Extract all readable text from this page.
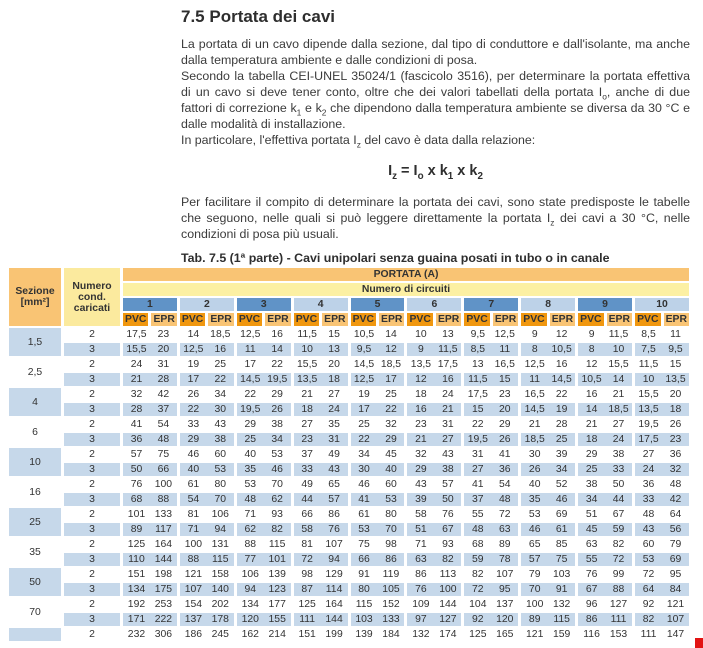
7.5 Portata dei cavi

La portata di un cavo dipende dalla sezione, dal tipo di conduttore e dall'isolante, ma anche dalla temperatura ambiente e dalle condizioni di posa.

Secondo la tabella CEI-UNEL 35024/1 (fascicolo 3516), per determinare la portata effettiva di un cavo si deve tener conto, oltre che dei valori tabellati della portata $I_o$, anche di due fattori di correzione $k_1$ e $k_2$ che dipendono dalla temperatura ambiente se diversa da 30 °C e dalle modalità di installazione.

In particolare, l'effettiva portata $I_z$ del cavo è data dalla relazione:

$I_z = I_o$ x $k_1$ x $k_2$

Per facilitare il compito di determinare la portata dei cavi, sono state predisposte le tabelle che seguono, nelle quali si può leggere direttamente la portata $I_z$ dei cavi a 30 °C, nelle condizioni di posa più usuali.

Tab. 7.5 (1ª parte) - Cavi unipolari senza guaina posati in tubo o in canale
Sezione [mm²]	Numero cond. caricati	PORTATA (A)									
		Numero di circuiti									
		1	2	3	4	5	6	7	8	9	10

		PVC EPR	PVC EPR	PVC EPR	PVC EPR	PVC EPR	PVC EPR	PVC EPR	PVC EPR	PVC EPR	PVC EPR

1,5	2	17,5 23	14 18,5	12,5 16	11,5 15	10,5 14	10 13	9,5 12,5	9 12	9 11,5	8,5 11
	3	15,5 20	12,5 16	11 14	10 13	9,5 12	9 11,5	8,5 11	8 10,5	8 10	7,5 9,5
2,5	2	24 31	19 25	17 22	15,5 20	14,5 18,5	13,5 17,5	13 16,5	12,5 16	12 15,5	11,5 15
	3	21 28	17 22	14,5 19,5	13,5 18	12,5 17	12 16	11,5 15	11 14,5	10,5 14	10 13,5
4	2	32 42	26 34	22 29	21 27	19 25	18 24	17,5 23	16,5 22	16 21	15,5 20
	3	28 37	22 30	19,5 26	18 24	17 22	16 21	15 20	14,5 19	14 18,5	13,5 18
6	2	41 54	33 43	29 38	27 35	25 32	23 31	22 29	21 28	21 27	19,5 26
	3	36 48	29 38	25 34	23 31	22 29	21 27	19,5 26	18,5 25	18 24	17,5 23
10	2	57 75	46 60	40 53	37 49	34 45	32 43	31 41	30 39	29 38	27 36
	3	50 66	40 53	35 46	33 43	30 40	29 38	27 36	26 34	25 33	24 32
16	2	76 100	61 80	53 70	49 65	46 60	43 57	41 54	40 52	38 50	36 48
	3	68 88	54 70	48 62	44 57	41 53	39 50	37 48	35 46	34 44	33 42
25	2	101 133	81 106	71 93	66 86	61 80	58 76	55 72	53 69	51 67	48 64
	3	89 117	71 94	62 82	58 76	53 70	51 67	48 63	46 61	45 59	43 56
35	2	125 164	100 131	88 115	81 107	75 98	71 93	68 89	65 85	63 82	60 79
	3	110 144	88 115	77 101	72 94	66 86	63 82	59 78	57 75	55 72	53 69
50	2	151 198	121 158	106 139	98 129	91 119	86 113	82 107	79 103	76 99	72 95
	3	134 175	107 140	94 123	87 114	80 105	76 100	72 95	70 91	67 88	64 84
70	2	192 253	154 202	134 177	125 164	115 152	109 144	104 137	100 132	96 127	92 121
	3	171 222	137 178	120 155	111 144	103 133	97 127	92 120	89 115	86 111	82 107
	2	232 306	186 245	162 214	151 199	139 184	132 174	125 165	121 159	116 153	111 147
